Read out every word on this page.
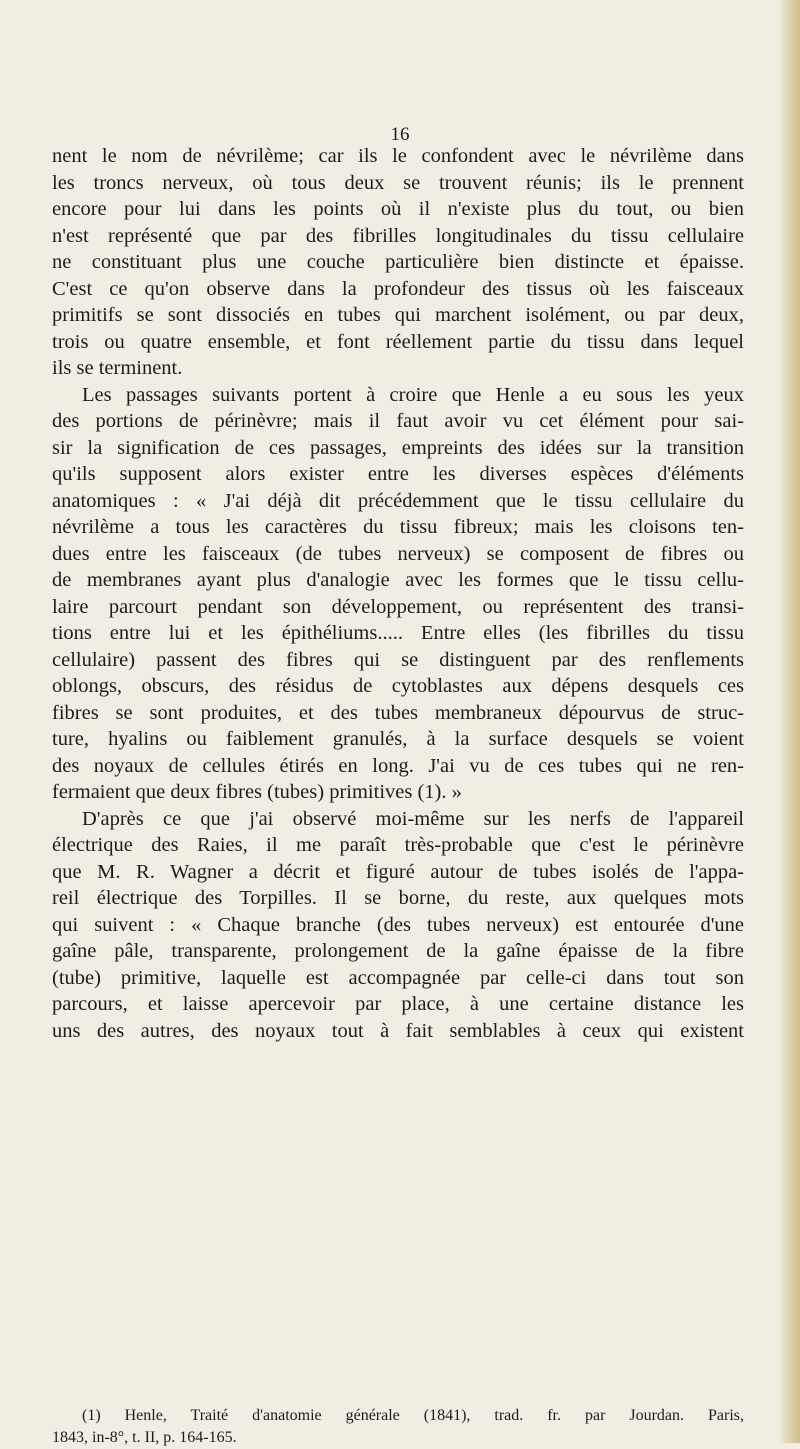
16
nent le nom de névrilème; car ils le confondent avec le névrilème dans
les troncs nerveux, où tous deux se trouvent réunis; ils le prennent
encore pour lui dans les points où il n'existe plus du tout, ou bien
n'est représenté que par des fibrilles longitudinales du tissu cellulaire
ne constituant plus une couche particulière bien distincte et épaisse.
C'est ce qu'on observe dans la profondeur des tissus où les faisceaux
primitifs se sont dissociés en tubes qui marchent isolément, ou par deux,
trois ou quatre ensemble, et font réellement partie du tissu dans lequel
ils se terminent.
Les passages suivants portent à croire que Henle a eu sous les yeux
des portions de périnèvre; mais il faut avoir vu cet élément pour sai-
sir la signification de ces passages, empreints des idées sur la transition
qu'ils supposent alors exister entre les diverses espèces d'éléments
anatomiques : « J'ai déjà dit précédemment que le tissu cellulaire du
névrilème a tous les caractères du tissu fibreux; mais les cloisons ten-
dues entre les faisceaux (de tubes nerveux) se composent de fibres ou
de membranes ayant plus d'analogie avec les formes que le tissu cellu-
laire parcourt pendant son développement, ou représentent des transi-
tions entre lui et les épithéliums..... Entre elles (les fibrilles du tissu
cellulaire) passent des fibres qui se distinguent par des renflements
oblongs, obscurs, des résidus de cytoblastes aux dépens desquels ces
fibres se sont produites, et des tubes membraneux dépourvus de struc-
ture, hyalins ou faiblement granulés, à la surface desquels se voient
des noyaux de cellules étirés en long. J'ai vu de ces tubes qui ne ren-
fermaient que deux fibres (tubes) primitives (1). »
D'après ce que j'ai observé moi-même sur les nerfs de l'appareil
électrique des Raies, il me paraît très-probable que c'est le périnèvre
que M. R. Wagner a décrit et figuré autour de tubes isolés de l'appa-
reil électrique des Torpilles. Il se borne, du reste, aux quelques mots
qui suivent : « Chaque branche (des tubes nerveux) est entourée d'une
gaîne pâle, transparente, prolongement de la gaîne épaisse de la fibre
(tube) primitive, laquelle est accompagnée par celle-ci dans tout son
parcours, et laisse apercevoir par place, à une certaine distance les
uns des autres, des noyaux tout à fait semblables à ceux qui existent
(1) Henle, Traité d'anatomie générale (1841), trad. fr. par Jourdan. Paris,
1843, in-8°, t. II, p. 164-165.
